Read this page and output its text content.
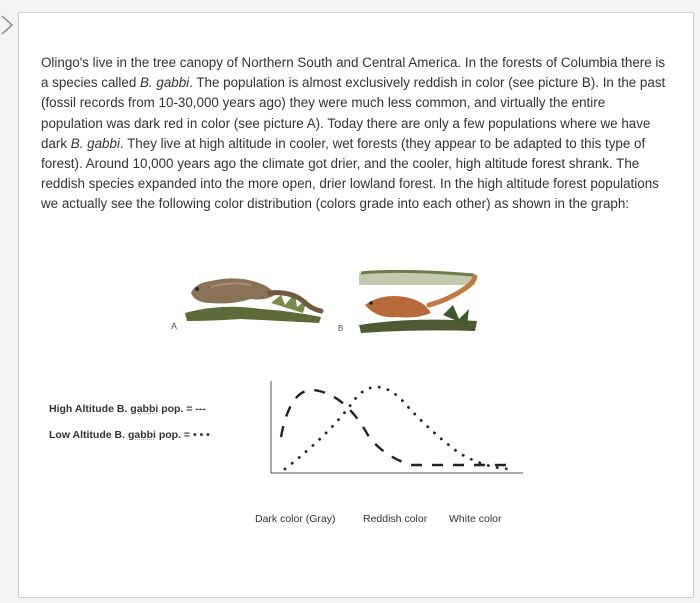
Olingo's live in the tree canopy of Northern South and Central America. In the forests of Columbia there is a species called B. gabbi. The population is almost exclusively reddish in color (see picture B). In the past (fossil records from 10-30,000 years ago) they were much less common, and virtually the entire population was dark red in color (see picture A). Today there are only a few populations where we have dark B. gabbi. They live at high altitude in cooler, wet forests (they appear to be adapted to this type of forest). Around 10,000 years ago the climate got drier, and the cooler, high altitude forest shrank. The reddish species expanded into the more open, drier lowland forest. In the high altitude forest populations we actually see the following color distribution (colors grade into each other) as shown in the graph:

A	B
High Altitude B. gabbi pop. = ---
Low Altitude B. gabbi pop. = • • •
Dark color (Gray)	Reddish color White color
